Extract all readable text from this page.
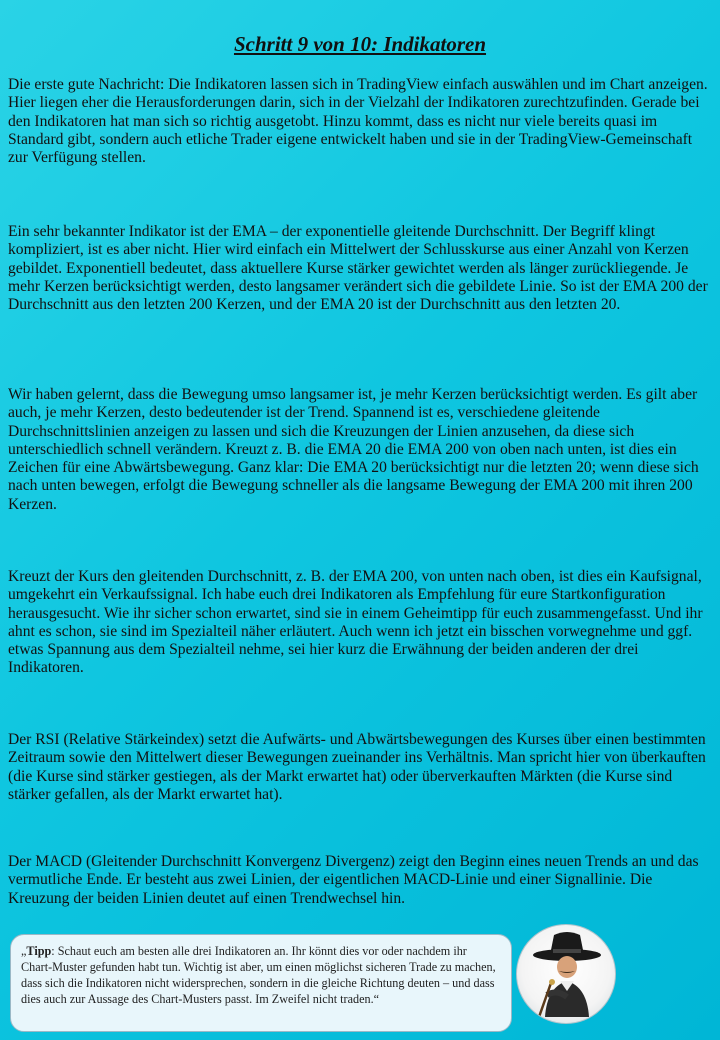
Schritt 9 von 10: Indikatoren

Die erste gute Nachricht: Die Indikatoren lassen sich in TradingView einfach auswählen und im Chart anzeigen. Hier liegen eher die Herausforderungen darin, sich in der Vielzahl der Indikatoren zurechtzufinden. Gerade bei den Indikatoren hat man sich so richtig ausgetobt. Hinzu kommt, dass es nicht nur viele bereits quasi im Standard gibt, sondern auch etliche Trader eigene entwickelt haben und sie in der TradingView-Gemeinschaft zur Verfügung stellen.

Ein sehr bekannter Indikator ist der EMA – der exponentielle gleitende Durchschnitt. Der Begriff klingt kompliziert, ist es aber nicht. Hier wird einfach ein Mittelwert der Schlusskurse aus einer Anzahl von Kerzen gebildet. Exponentiell bedeutet, dass aktuellere Kurse stärker gewichtet werden als länger zurückliegende. Je mehr Kerzen berücksichtigt werden, desto langsamer verändert sich die gebildete Linie. So ist der EMA 200 der Durchschnitt aus den letzten 200 Kerzen, und der EMA 20 ist der Durchschnitt aus den letzten 20.

Wir haben gelernt, dass die Bewegung umso langsamer ist, je mehr Kerzen berücksichtigt werden. Es gilt aber auch, je mehr Kerzen, desto bedeutender ist der Trend. Spannend ist es, verschiedene gleitende Durchschnittslinien anzeigen zu lassen und sich die Kreuzungen der Linien anzusehen, da diese sich unterschiedlich schnell verändern. Kreuzt z. B. die EMA 20 die EMA 200 von oben nach unten, ist dies ein Zeichen für eine Abwärtsbewegung. Ganz klar: Die EMA 20 berücksichtigt nur die letzten 20; wenn diese sich nach unten bewegen, erfolgt die Bewegung schneller als die langsame Bewegung der EMA 200 mit ihren 200 Kerzen.

Kreuzt der Kurs den gleitenden Durchschnitt, z. B. der EMA 200, von unten nach oben, ist dies ein Kaufsignal, umgekehrt ein Verkaufssignal. Ich habe euch drei Indikatoren als Empfehlung für eure Startkonfiguration herausgesucht. Wie ihr sicher schon erwartet, sind sie in einem Geheimtipp für euch zusammengefasst. Und ihr ahnt es schon, sie sind im Spezialteil näher erläutert. Auch wenn ich jetzt ein bisschen vorwegnehme und ggf. etwas Spannung aus dem Spezialteil nehme, sei hier kurz die Erwähnung der beiden anderen der drei Indikatoren.

Der RSI (Relative Stärkeindex) setzt die Aufwärts- und Abwärtsbewegungen des Kurses über einen bestimmten Zeitraum sowie den Mittelwert dieser Bewegungen zueinander ins Verhältnis. Man spricht hier von überkauften (die Kurse sind stärker gestiegen, als der Markt erwartet hat) oder überverkauften Märkten (die Kurse sind stärker gefallen, als der Markt erwartet hat).

Der MACD (Gleitender Durchschnitt Konvergenz Divergenz) zeigt den Beginn eines neuen Trends an und das vermutliche Ende. Er besteht aus zwei Linien, der eigentlichen MACD-Linie und einer Signallinie. Die Kreuzung der beiden Linien deutet auf einen Trendwechsel hin.

„Tipp: Schaut euch am besten alle drei Indikatoren an. Ihr könnt dies vor oder nachdem ihr Chart-Muster gefunden habt tun. Wichtig ist aber, um einen möglichst sicheren Trade zu machen, dass sich die Indikatoren nicht widersprechen, sondern in die gleiche Richtung deuten – und dass dies auch zur Aussage des Chart-Musters passt. Im Zweifel nicht traden.“
